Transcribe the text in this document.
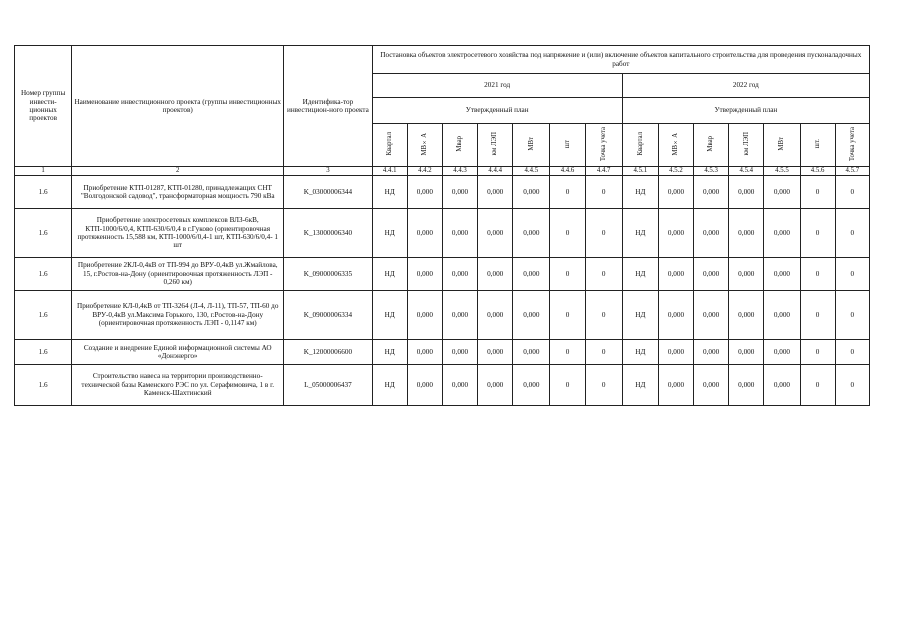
Номер группы инвести-ционных проектов	Наименование инвестиционного проекта (группы инвестиционных проектов)	Идентифика-тор инвестицион-ного проекта	Постановка объектов электросетевого хозяйства под напряжение и (или) включение объектов капитального строительства для проведения пусконаладочных работ													
			2021 год							2022 год						
			Утвержденный план							Утвержденный план						
			Квартал	МВ×А	Мвар	км ЛЭП	МВт	шт	Точка учета	Квартал	МВ×А	Мвар	км ЛЭП	МВт	шт.	Точка учета
1	2	3	4.4.1	4.4.2	4.4.3	4.4.4	4.4.5	4.4.6	4.4.7	4.5.1	4.5.2	4.5.3	4.5.4	4.5.5	4.5.6	4.5.7
1.6	Приобретение КТП-01287, КТП-01280, принадлежащих СНТ "Волгодонской садовод", трансформаторная мощность 790 кВа	K_03000006344	НД	0,000	0,000	0,000	0,000	0	0	НД	0,000	0,000	0,000	0,000	0	0
1.6	Приобретение электросетевых комплексов ВЛЗ-6кВ, КТП-1000/6/0,4, КТП-630/6/0,4 в г.Гуково (ориентировочная протяженность 15,588 км, КТП-1000/6/0,4-1 шт, КТП-630/6/0,4- 1 шт	K_13000006340	НД	0,000	0,000	0,000	0,000	0	0	НД	0,000	0,000	0,000	0,000	0	0
1.6	Приобретение 2КЛ-0,4кВ от ТП-994 до ВРУ-0,4кВ ул.Жмайлова, 15, г.Ростов-на-Дону (ориентировочная протяженность ЛЭП - 0,260 км)	K_09000006335	НД	0,000	0,000	0,000	0,000	0	0	НД	0,000	0,000	0,000	0,000	0	0
1.6	Приобретение КЛ-0,4кВ от ТП-3264 (Л-4, Л-11), ТП-57, ТП-60 до ВРУ-0,4кВ ул.Максима Горького, 130, г.Ростов-на-Дону (ориентировочная протяженность ЛЭП - 0,1147 км)	K_09000006334	НД	0,000	0,000	0,000	0,000	0	0	НД	0,000	0,000	0,000	0,000	0	0
1.6	Создание и внедрение Единой информационной системы АО «Донэнерго»	K_12000006600	НД	0,000	0,000	0,000	0,000	0	0	НД	0,000	0,000	0,000	0,000	0	0
1.6	Строительство навеса на территории производственно-технической базы Каменского РЭС по ул. Серафимовича, 1 в г. Каменск-Шахтинский	L_05000006437	НД	0,000	0,000	0,000	0,000	0	0	НД	0,000	0,000	0,000	0,000	0	0
